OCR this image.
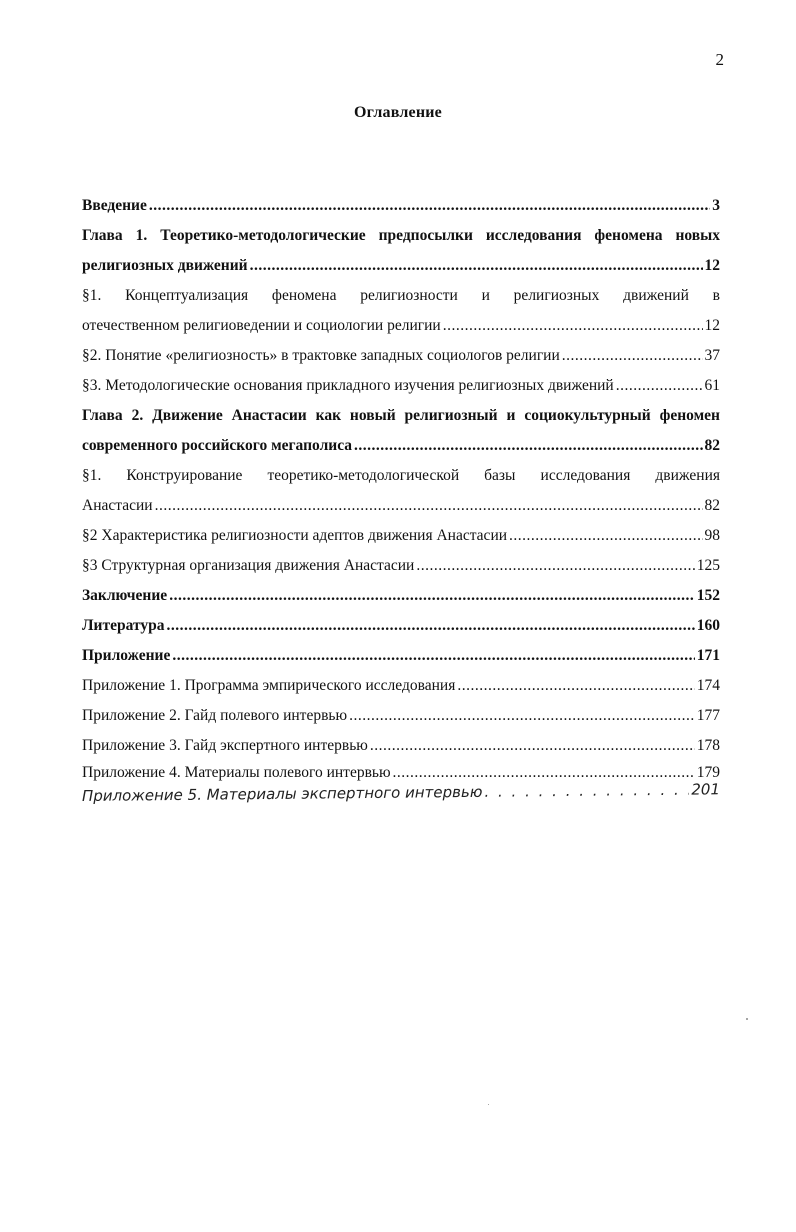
2
Оглавление
Введение .....	3
Глава 1. Теоретико-методологические предпосылки исследования феномена новых
религиозных движений .....	12
§1. Концептуализация феномена религиозности и религиозных движений в
отечественном религиоведении и социологии религии .....	12
§2. Понятие «религиозность» в трактовке западных социологов религии .....	37
§3. Методологические основания прикладного изучения религиозных движений .....	61
Глава 2. Движение Анастасии как новый религиозный и социокультурный феномен
современного российского мегаполиса .....	82
§1. Конструирование теоретико-методологической базы исследования движения
Анастасии .....	82
§2 Характеристика религиозности адептов движения Анастасии .....	98
§3 Структурная организация движения Анастасии .....	125
Заключение .....	152
Литература .....	160
Приложение .....	171
Приложение 1. Программа эмпирического исследования .....	174
Приложение 2. Гайд полевого интервью .....	177
Приложение 3. Гайд экспертного интервью .....	178
Приложение 4. Материалы полевого интервью .....	179
Приложение 5. Материалы экспертного интервью . . .	201
